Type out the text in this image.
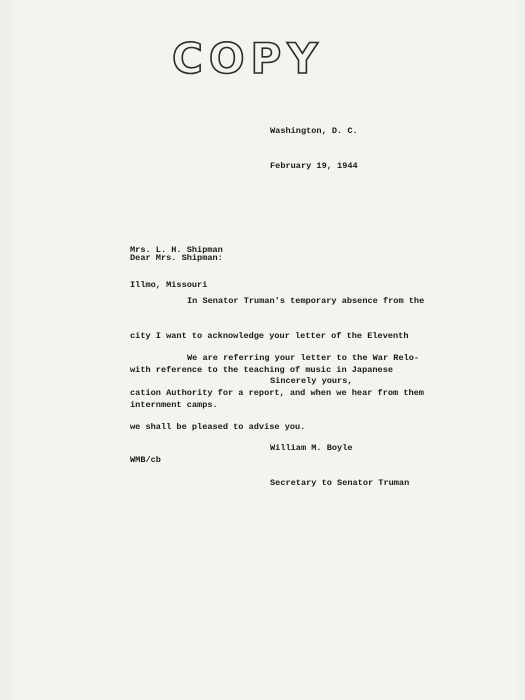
COPY

Washington, D. C.

February 19, 1944

Mrs. L. H. Shipman

Illmo, Missouri

Dear Mrs. Shipman:

In Senator Truman's temporary absence from the

city I want to acknowledge your letter of the Eleventh

with reference to the teaching of music in Japanese

internment camps.

We are referring your letter to the War Relo-

cation Authority for a report, and when we hear from them

we shall be pleased to advise you.

Sincerely yours,

William M. Boyle

Secretary to Senator Truman

WMB/cb
